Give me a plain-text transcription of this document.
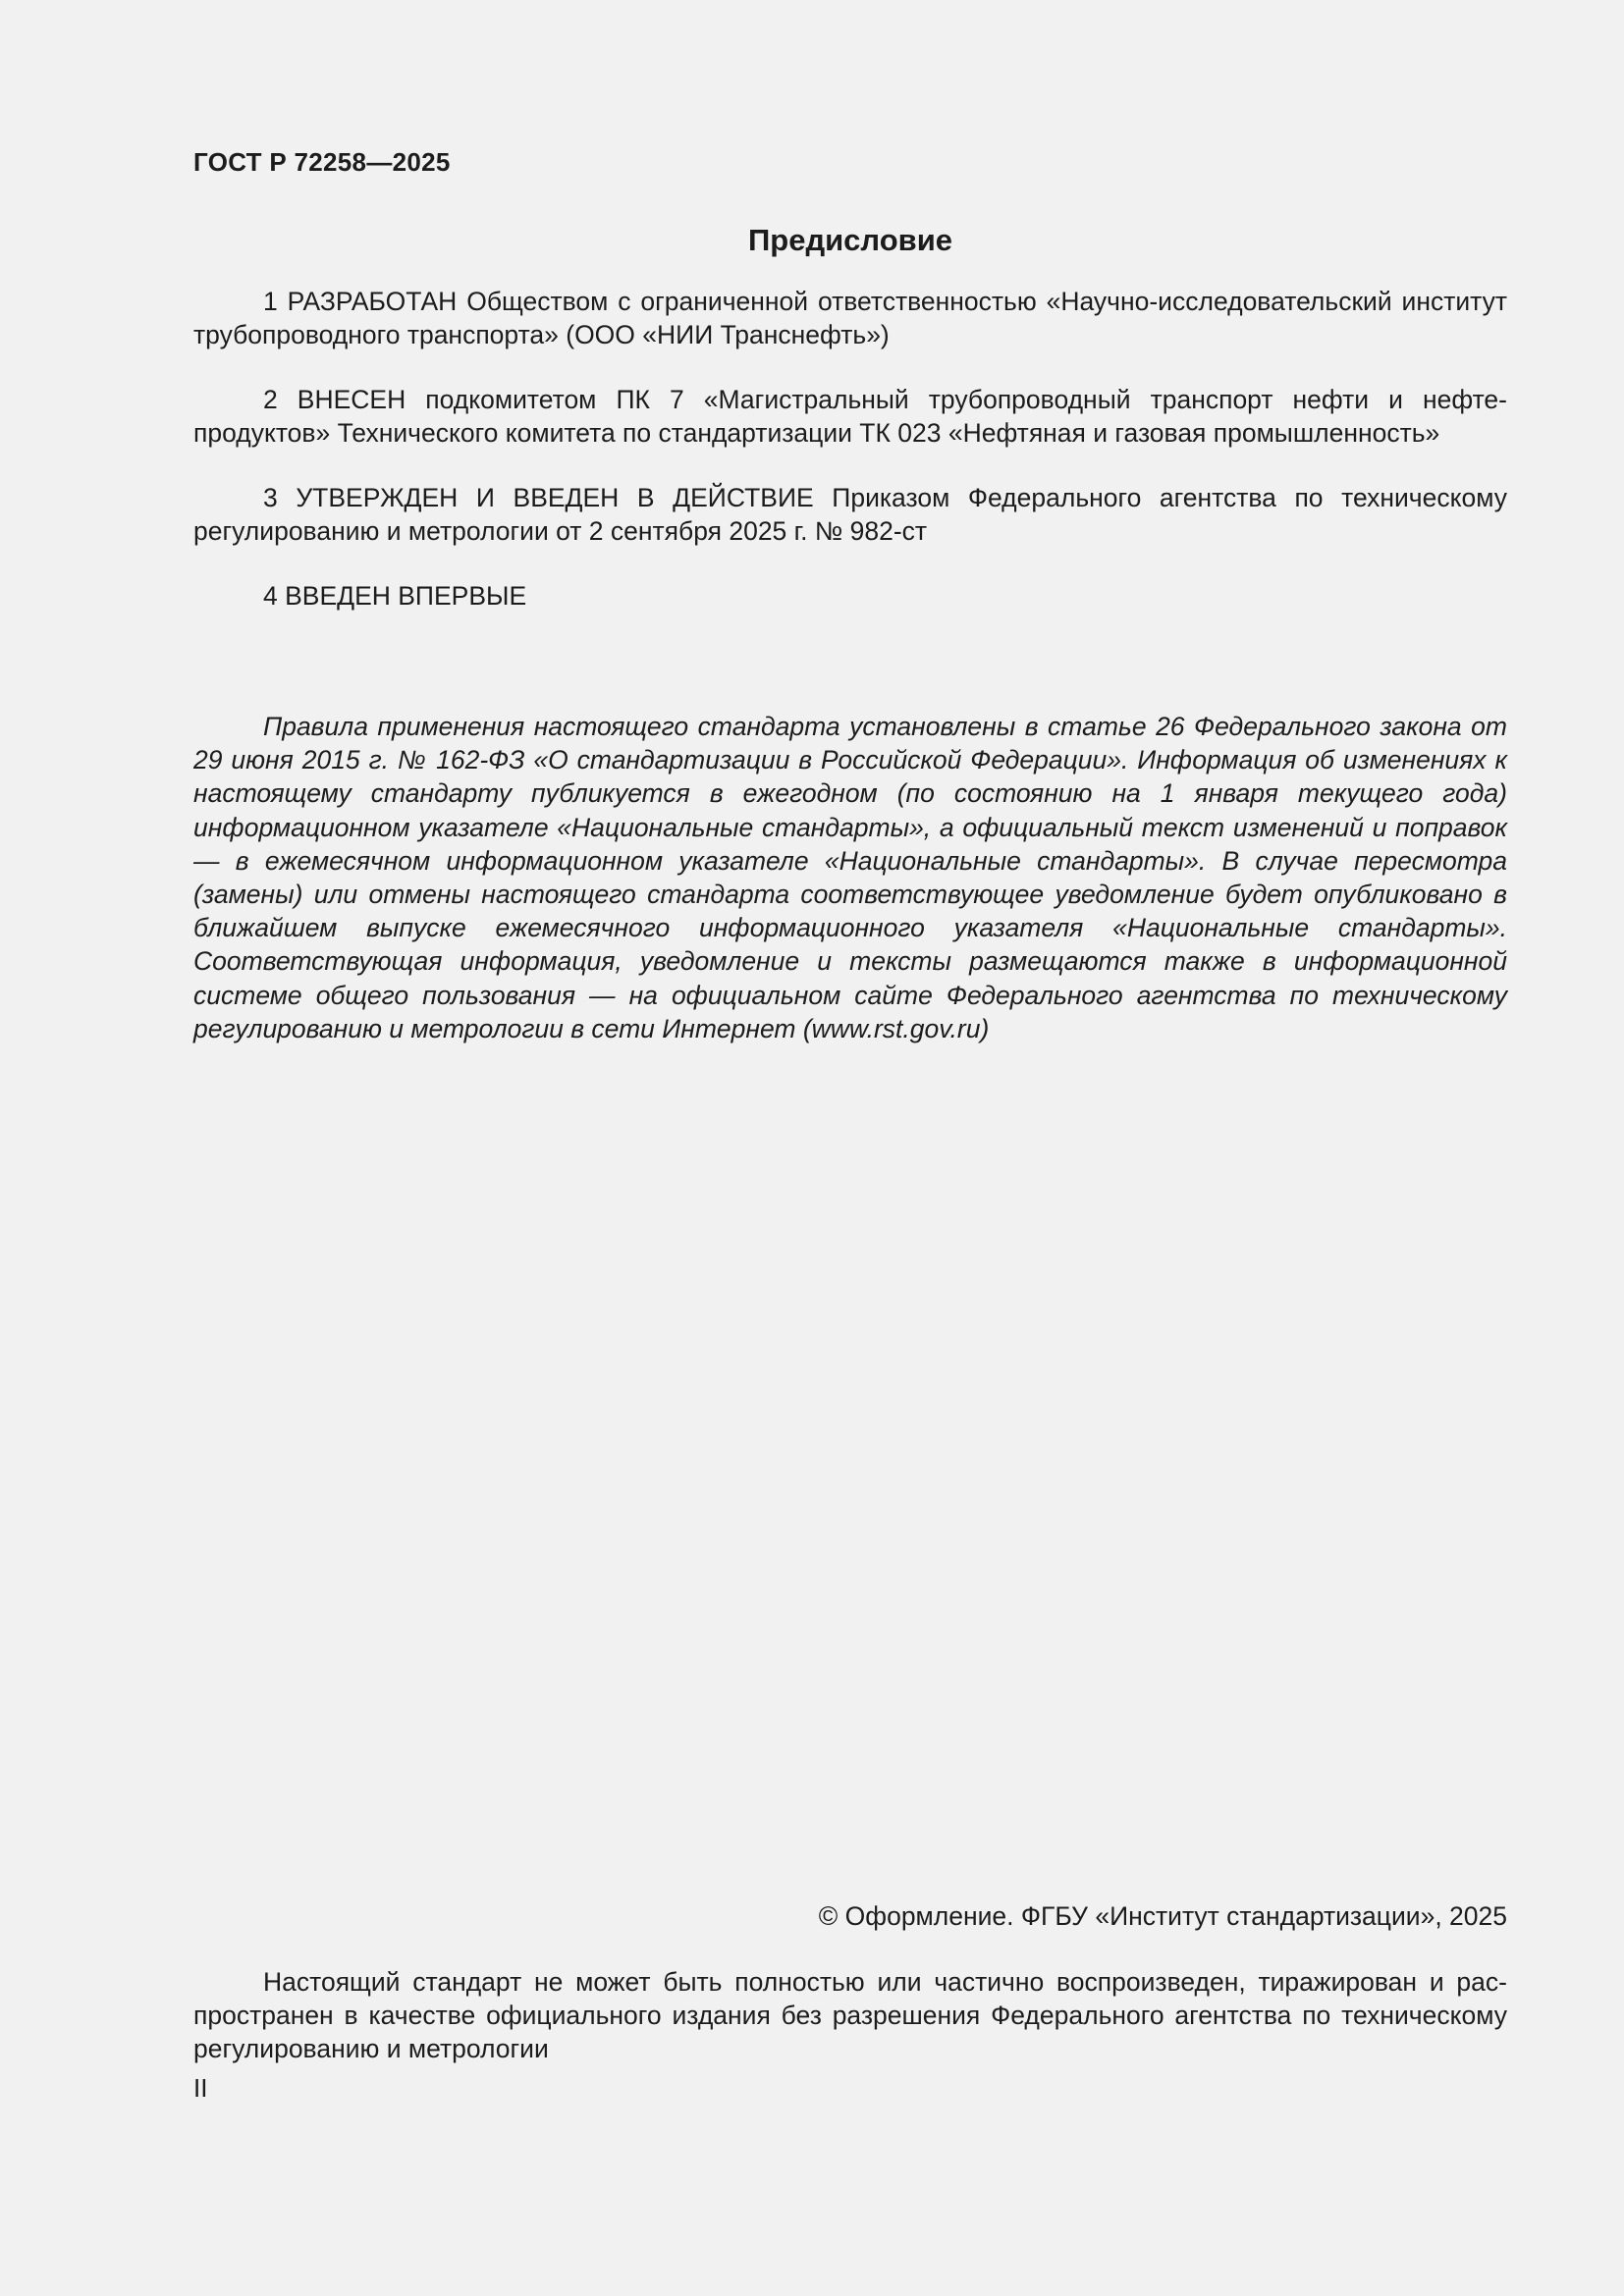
ГОСТ Р 72258—2025
Предисловие

1 РАЗРАБОТАН Обществом с ограниченной ответственностью «Научно-исследовательский институт трубопроводного транспорта» (ООО «НИИ Транснефть»)

2 ВНЕСЕН подкомитетом ПК 7 «Магистральный трубопроводный транспорт нефти и нефтепродуктов» Технического комитета по стандартизации ТК 023 «Нефтяная и газовая промышленность»

3 УТВЕРЖДЕН И ВВЕДЕН В ДЕЙСТВИЕ Приказом Федерального агентства по техническому регулированию и метрологии от 2 сентября 2025 г. № 982-ст

4 ВВЕДЕН ВПЕРВЫЕ

Правила применения настоящего стандарта установлены в статье 26 Федерального закона от 29 июня 2015 г. № 162-ФЗ «О стандартизации в Российской Федерации». Информация об изменениях к настоящему стандарту публикуется в ежегодном (по состоянию на 1 января текущего года) информационном указателе «Национальные стандарты», а официальный текст изменений и поправок — в ежемесячном информационном указателе «Национальные стандарты». В случае пересмотра (замены) или отмены настоящего стандарта соответствующее уведомление будет опубликовано в ближайшем выпуске ежемесячного информационного указателя «Национальные стандарты». Соответствующая информация, уведомление и тексты размещаются также в информационной системе общего пользования — на официальном сайте Федерального агентства по техническому регулированию и метрологии в сети Интернет (www.rst.gov.ru)

© Оформление. ФГБУ «Институт стандартизации», 2025

Настоящий стандарт не может быть полностью или частично воспроизведен, тиражирован и распространен в качестве официального издания без разрешения Федерального агентства по техническому регулированию и метрологии

II
